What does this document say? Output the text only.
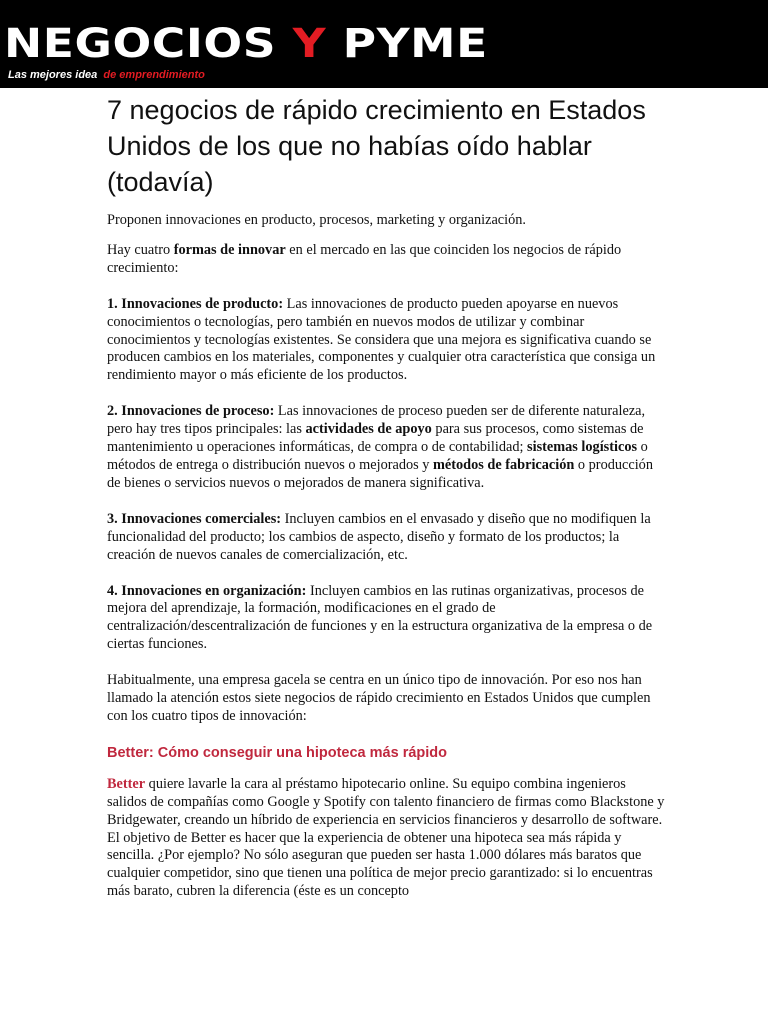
NEGOCIOS Y PYME
Las mejores idea de emprendimiento
7 negocios de rápido crecimiento en Estados Unidos de los que no habías oído hablar (todavía)

Proponen innovaciones en producto, procesos, marketing y organización.

Hay cuatro formas de innovar en el mercado en las que coinciden los negocios de rápido crecimiento:

1. Innovaciones de producto: Las innovaciones de producto pueden apoyarse en nuevos conocimientos o tecnologías, pero también en nuevos modos de utilizar y combinar conocimientos y tecnologías existentes. Se considera que una mejora es significativa cuando se producen cambios en los materiales, componentes y cualquier otra característica que consiga un rendimiento mayor o más eficiente de los productos.

2. Innovaciones de proceso: Las innovaciones de proceso pueden ser de diferente naturaleza, pero hay tres tipos principales: las actividades de apoyo para sus procesos, como sistemas de mantenimiento u operaciones informáticas, de compra o de contabilidad; sistemas logísticos o métodos de entrega o distribución nuevos o mejorados y métodos de fabricación o producción de bienes o servicios nuevos o mejorados de manera significativa.

3. Innovaciones comerciales: Incluyen cambios en el envasado y diseño que no modifiquen la funcionalidad del producto; los cambios de aspecto, diseño y formato de los productos; la creación de nuevos canales de comercialización, etc.

4. Innovaciones en organización: Incluyen cambios en las rutinas organizativas, procesos de mejora del aprendizaje, la formación, modificaciones en el grado de centralización/descentralización de funciones y en la estructura organizativa de la empresa o de ciertas funciones.

Habitualmente, una empresa gacela se centra en un único tipo de innovación. Por eso nos han llamado la atención estos siete negocios de rápido crecimiento en Estados Unidos que cumplen con los cuatro tipos de innovación:

Better: Cómo conseguir una hipoteca más rápido

Better quiere lavarle la cara al préstamo hipotecario online. Su equipo combina ingenieros salidos de compañías como Google y Spotify con talento financiero de firmas como Blackstone y Bridgewater, creando un híbrido de experiencia en servicios financieros y desarrollo de software. El objetivo de Better es hacer que la experiencia de obtener una hipoteca sea más rápida y sencilla. ¿Por ejemplo? No sólo aseguran que pueden ser hasta 1.000 dólares más baratos que cualquier competidor, sino que tienen una política de mejor precio garantizado: si lo encuentras más barato, cubren la diferencia (éste es un concepto
